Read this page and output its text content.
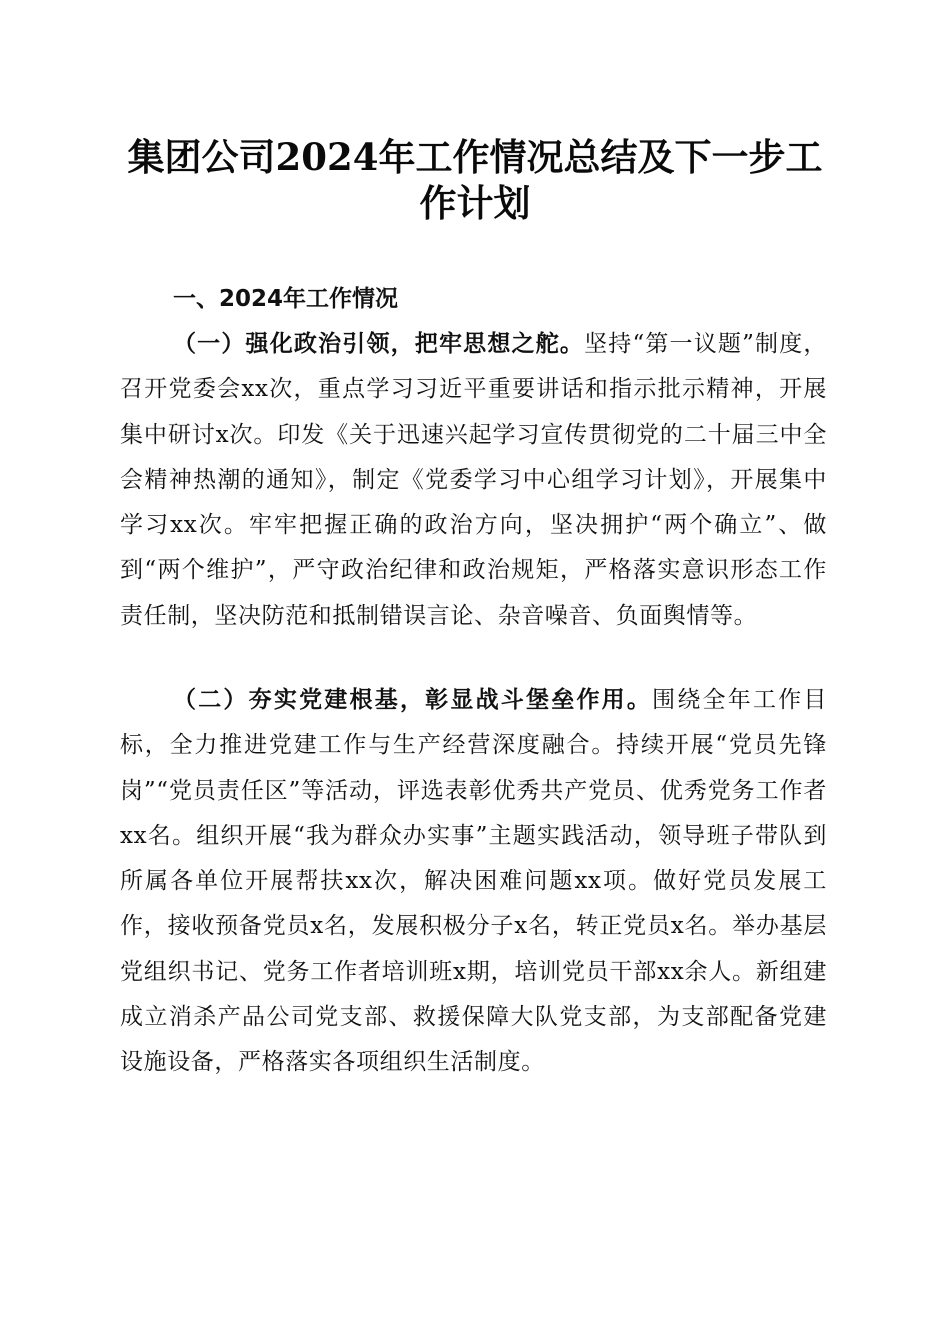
集团公司2024年工作情况总结及下一步工作计划
一、2024年工作情况

（一）强化政治引领，把牢思想之舵。坚持“第一议题”制度，召开党委会xx次，重点学习习近平重要讲话和指示批示精神，开展集中研讨x次。印发《关于迅速兴起学习宣传贯彻党的二十届三中全会精神热潮的通知》，制定《党委学习中心组学习计划》，开展集中学习xx次。牢牢把握正确的政治方向，坚决拥护“两个确立”、做到“两个维护”，严守政治纪律和政治规矩，严格落实意识形态工作责任制，坚决防范和抵制错误言论、杂音噪音、负面舆情等。

（二）夯实党建根基，彰显战斗堡垒作用。围绕全年工作目标，全力推进党建工作与生产经营深度融合。持续开展“党员先锋岗”“党员责任区”等活动，评选表彰优秀共产党员、优秀党务工作者xx名。组织开展“我为群众办实事”主题实践活动，领导班子带队到所属各单位开展帮扶xx次，解决困难问题xx项。做好党员发展工作，接收预备党员x名，发展积极分子x名，转正党员x名。举办基层党组织书记、党务工作者培训班x期，培训党员干部xx余人。新组建成立消杀产品公司党支部、救援保障大队党支部，为支部配备党建设施设备，严格落实各项组织生活制度。
